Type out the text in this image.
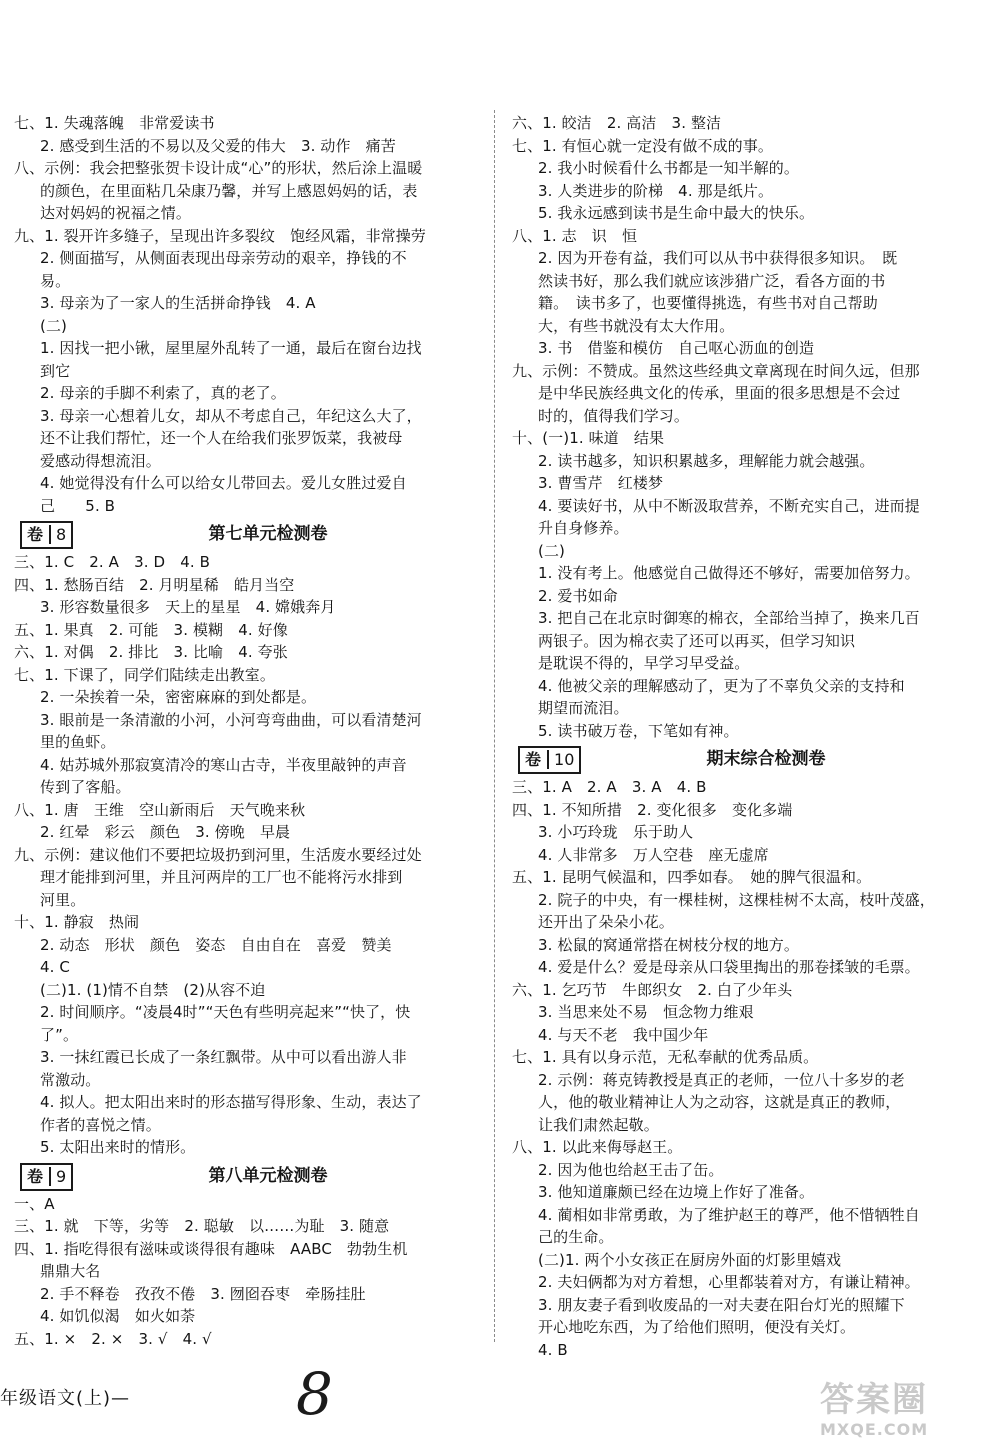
七、1. 失魂落魄　非常爱读书
2. 感受到生活的不易以及父爱的伟大　3. 动作　痛苦
八、示例：我会把整张贺卡设计成“心”的形状，然后涂上温暖
的颜色，在里面粘几朵康乃馨，并写上感恩妈妈的话，表
达对妈妈的祝福之情。
九、1. 裂开许多缝子，呈现出许多裂纹　饱经风霜，非常操劳
2. 侧面描写，从侧面表现出母亲劳动的艰辛，挣钱的不
易。
3. 母亲为了一家人的生活拼命挣钱　4. A
(二)
1. 因找一把小锹，屋里屋外乱转了一通，最后在窗台边找
到它
2. 母亲的手脚不利索了，真的老了。
3. 母亲一心想着儿女，却从不考虑自己，年纪这么大了，
还不让我们帮忙，还一个人在给我们张罗饭菜，我被母
爱感动得想流泪。
4. 她觉得没有什么可以给女儿带回去。爱儿女胜过爱自
己　　5. B
卷 8	第七单元检测卷
三、1. C　2. A　3. D　4. B
四、1. 愁肠百结　2. 月明星稀　皓月当空
3. 形容数量很多　天上的星星　4. 嫦娥奔月
五、1. 果真　2. 可能　3. 模糊　4. 好像
六、1. 对偶　2. 排比　3. 比喻　4. 夸张
七、1. 下课了，同学们陆续走出教室。
2. 一朵挨着一朵，密密麻麻的到处都是。
3. 眼前是一条清澈的小河，小河弯弯曲曲，可以看清楚河
里的鱼虾。
4. 姑苏城外那寂寞清冷的寒山古寺，半夜里敲钟的声音
传到了客船。
八、1. 唐　王维　空山新雨后　天气晚来秋
2. 红晕　彩云　颜色　3. 傍晚　早晨
九、示例：建议他们不要把垃圾扔到河里，生活废水要经过处
理才能排到河里，并且河两岸的工厂也不能将污水排到
河里。
十、1. 静寂　热闹
2. 动态　形状　颜色　姿态　自由自在　喜爱　赞美
4. C
(二)1. (1)情不自禁　(2)从容不迫
2. 时间顺序。“凌晨4时”“天色有些明亮起来”“快了，快
了”。
3. 一抹红霞已长成了一条红飘带。从中可以看出游人非
常激动。
4. 拟人。把太阳出来时的形态描写得形象、生动，表达了
作者的喜悦之情。
5. 太阳出来时的情形。
卷 9	第八单元检测卷
一、A
三、1. 就　下等，劣等　2. 聪敏　以……为耻　3. 随意
四、1. 指吃得很有滋味或谈得很有趣味　AABC　勃勃生机
鼎鼎大名
2. 手不释卷　孜孜不倦　3. 囫囵吞枣　牵肠挂肚
4. 如饥似渴　如火如荼
五、1. ×　2. ×　3. √　4. √
六、1. 皎洁　2. 高洁　3. 整洁
七、1. 有恒心就一定没有做不成的事。
2. 我小时候看什么书都是一知半解的。
3. 人类进步的阶梯　4. 那是纸片。
5. 我永远感到读书是生命中最大的快乐。
八、1. 志　识　恒
2. 因为开卷有益，我们可以从书中获得很多知识。　既
然读书好，那么我们就应该涉猎广泛，看各方面的书
籍。　读书多了，也要懂得挑选，有些书对自己帮助
大，有些书就没有太大作用。
3. 书　借鉴和模仿　自己呕心沥血的创造
九、示例：不赞成。虽然这些经典文章离现在时间久远，但那
是中华民族经典文化的传承，里面的很多思想是不会过
时的，值得我们学习。
十、(一)1. 味道　结果
2. 读书越多，知识积累越多，理解能力就会越强。
3. 曹雪芹　红楼梦
4. 要读好书，从中不断汲取营养，不断充实自己，进而提
升自身修养。
(二)
1. 没有考上。他感觉自己做得还不够好，需要加倍努力。
2. 爱书如命
3. 把自己在北京时御寒的棉衣，全部给当掉了，换来几百
两银子。因为棉衣卖了还可以再买，但学习知识
是耽误不得的，早学习早受益。
4. 他被父亲的理解感动了，更为了不辜负父亲的支持和
期望而流泪。
5. 读书破万卷，下笔如有神。
卷 10	期末综合检测卷
三、1. A　2. A　3. A　4. B
四、1. 不知所措　2. 变化很多　变化多端
3. 小巧玲珑　乐于助人
4. 人非常多　万人空巷　座无虚席
五、1. 昆明气候温和，四季如春。　她的脾气很温和。
2. 院子的中央，有一棵桂树，这棵桂树不太高，枝叶茂盛，
还开出了朵朵小花。
3. 松鼠的窝通常搭在树枝分杈的地方。
4. 爱是什么？爱是母亲从口袋里掏出的那卷揉皱的毛票。
六、1. 乞巧节　牛郎织女　2. 白了少年头
3. 当思来处不易　恒念物力维艰
4. 与天不老　我中国少年
七、1. 具有以身示范，无私奉献的优秀品质。
2. 示例：蒋克铸教授是真正的老师，一位八十多岁的老
人，他的敬业精神让人为之动容，这就是真正的教师，
让我们肃然起敬。
八、1. 以此来侮辱赵王。
2. 因为他也给赵王击了缶。
3. 他知道廉颇已经在边境上作好了准备。
4. 蔺相如非常勇敢，为了维护赵王的尊严，他不惜牺牲自
己的生命。
(二)1. 两个小女孩正在厨房外面的灯影里嬉戏
2. 夫妇俩都为对方着想，心里都装着对方，有谦让精神。
3. 朋友妻子看到收废品的一对夫妻在阳台灯光的照耀下
开心地吃东西，为了给他们照明，便没有关灯。
4. B
年级语文(上)—	8	答案圈
MXQE.COM
